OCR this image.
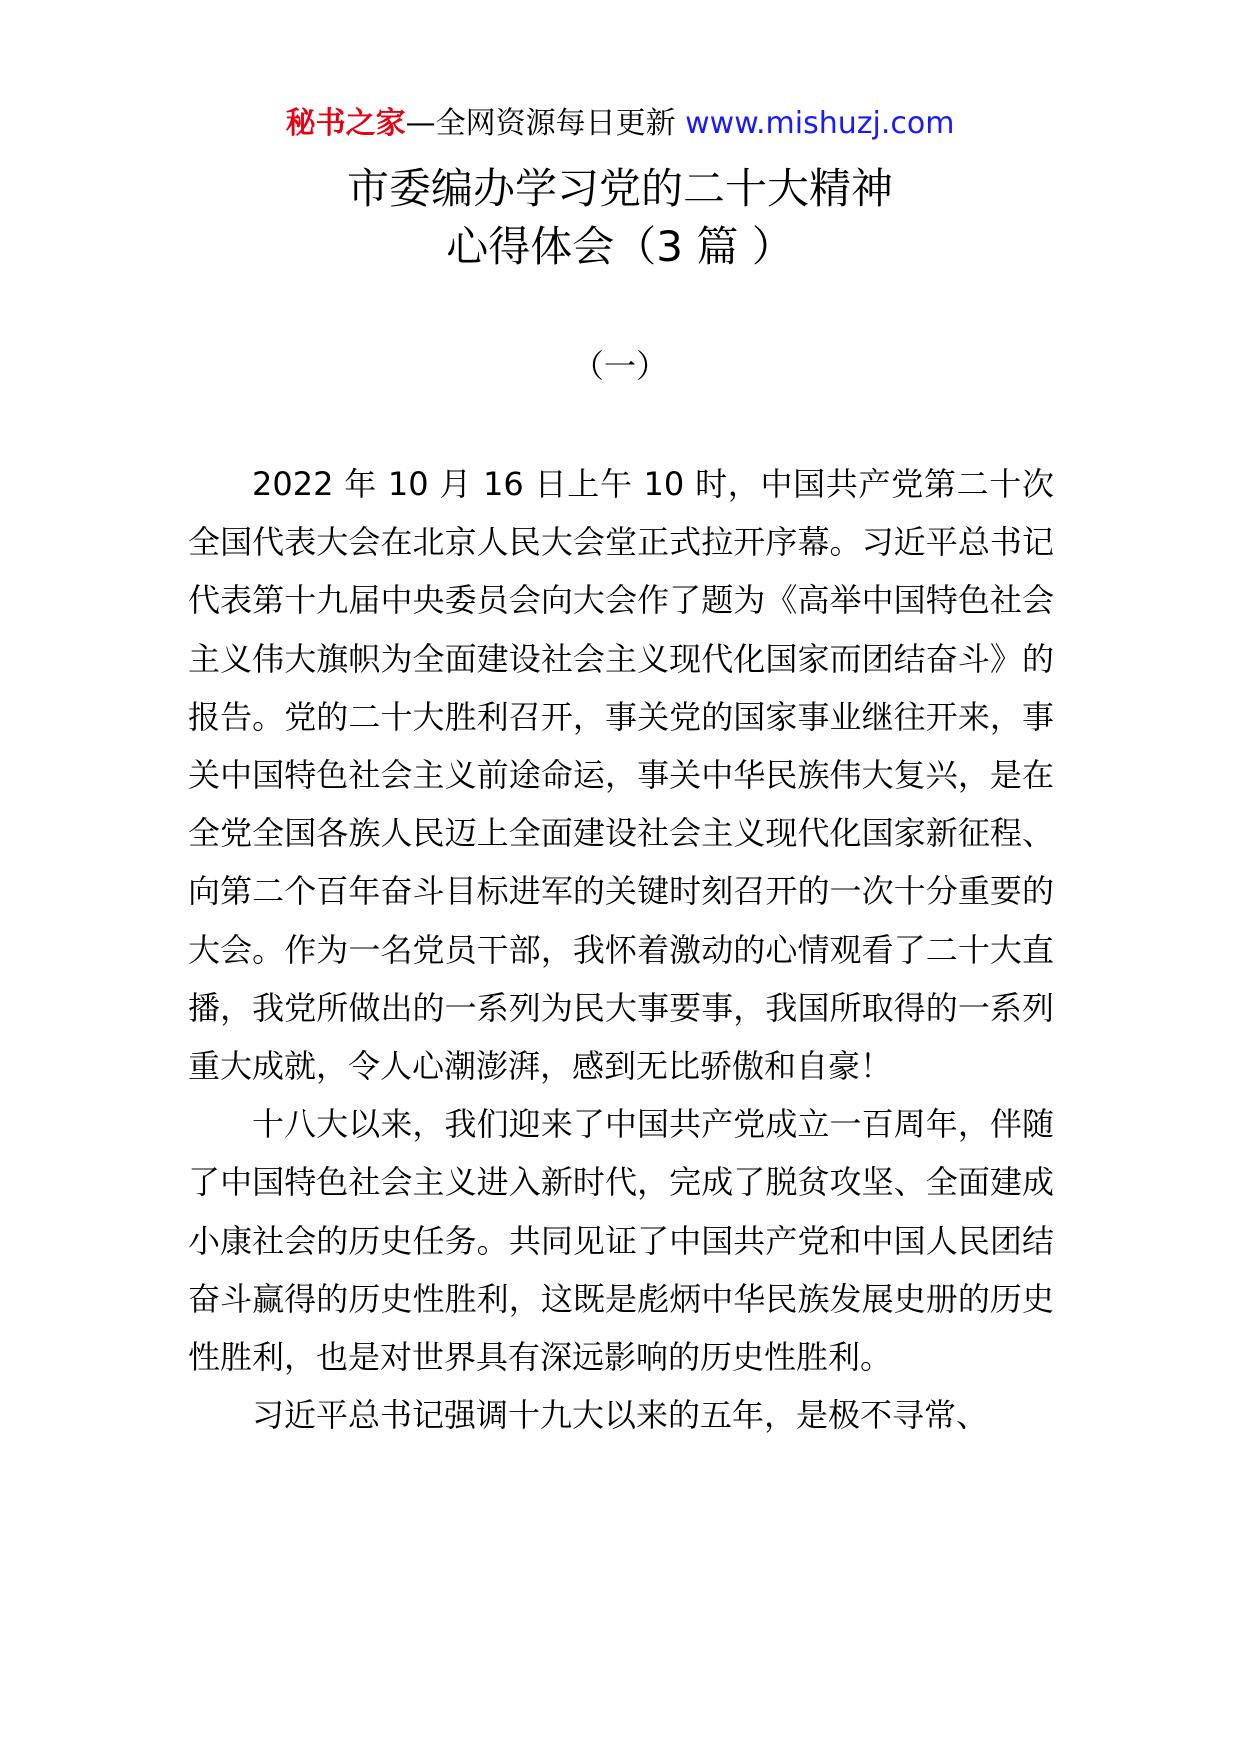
秘书之家—全网资源每日更新 www.mishuzj.com
市委编办学习党的二十大精神
心得体会（3 篇 ）
（一）

2022 年 10 月 16 日上午 10 时，中国共产党第二十次全国代表大会在北京人民大会堂正式拉开序幕。习近平总书记代表第十九届中央委员会向大会作了题为《高举中国特色社会主义伟大旗帜为全面建设社会主义现代化国家而团结奋斗》的报告。党的二十大胜利召开，事关党的国家事业继往开来，事关中国特色社会主义前途命运，事关中华民族伟大复兴，是在全党全国各族人民迈上全面建设社会主义现代化国家新征程、向第二个百年奋斗目标进军的关键时刻召开的一次十分重要的大会。作为一名党员干部，我怀着激动的心情观看了二十大直播，我党所做出的一系列为民大事要事，我国所取得的一系列重大成就，令人心潮澎湃，感到无比骄傲和自豪！

十八大以来，我们迎来了中国共产党成立一百周年，伴随了中国特色社会主义进入新时代，完成了脱贫攻坚、全面建成小康社会的历史任务。共同见证了中国共产党和中国人民团结奋斗赢得的历史性胜利，这既是彪炳中华民族发展史册的历史性胜利，也是对世界具有深远影响的历史性胜利。

习近平总书记强调十九大以来的五年，是极不寻常、
